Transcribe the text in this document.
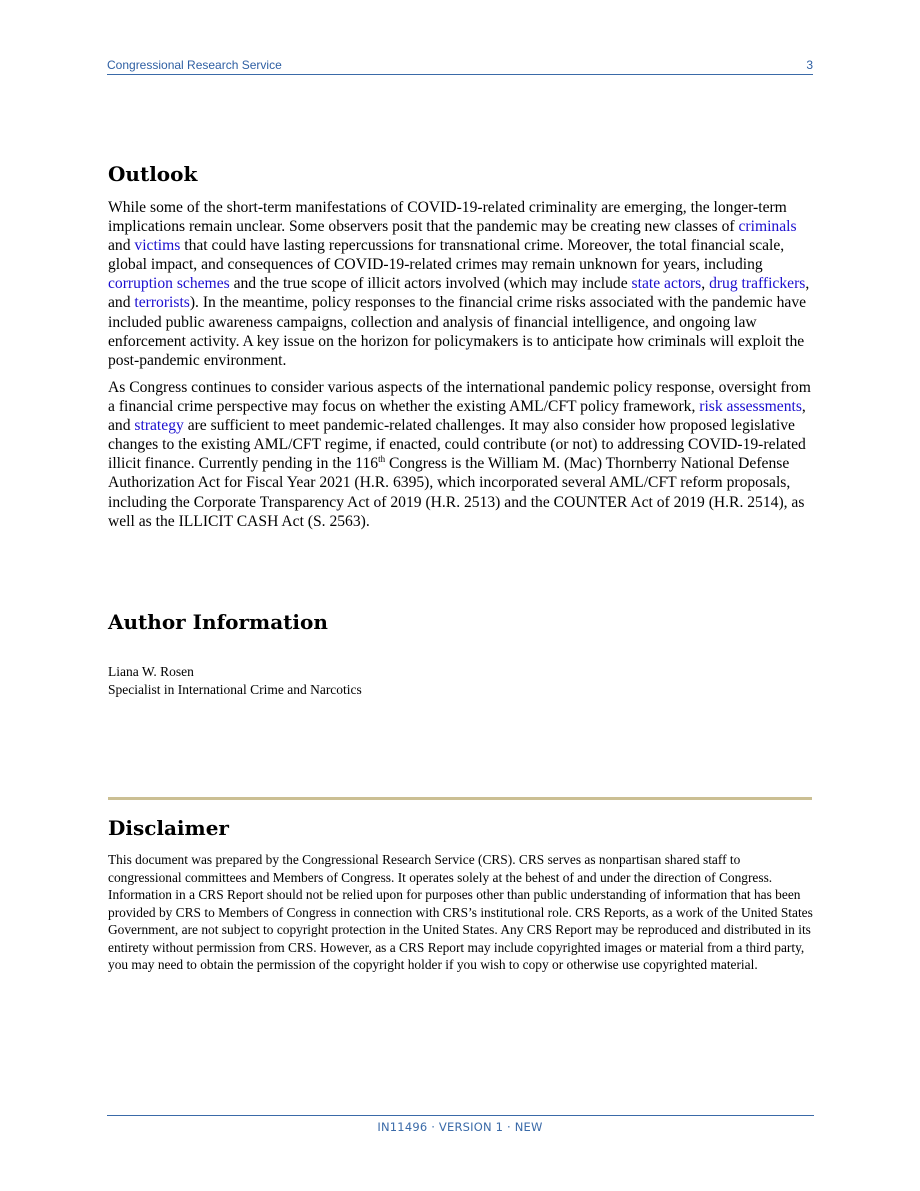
Congressional Research Service	3
Outlook

While some of the short-term manifestations of COVID-19-related criminality are emerging, the longer-term implications remain unclear. Some observers posit that the pandemic may be creating new classes of criminals and victims that could have lasting repercussions for transnational crime. Moreover, the total financial scale, global impact, and consequences of COVID-19-related crimes may remain unknown for years, including corruption schemes and the true scope of illicit actors involved (which may include state actors, drug traffickers, and terrorists). In the meantime, policy responses to the financial crime risks associated with the pandemic have included public awareness campaigns, collection and analysis of financial intelligence, and ongoing law enforcement activity. A key issue on the horizon for policymakers is to anticipate how criminals will exploit the post-pandemic environment.

As Congress continues to consider various aspects of the international pandemic policy response, oversight from a financial crime perspective may focus on whether the existing AML/CFT policy framework, risk assessments, and strategy are sufficient to meet pandemic-related challenges. It may also consider how proposed legislative changes to the existing AML/CFT regime, if enacted, could contribute (or not) to addressing COVID-19-related illicit finance. Currently pending in the 116th Congress is the William M. (Mac) Thornberry National Defense Authorization Act for Fiscal Year 2021 (H.R. 6395), which incorporated several AML/CFT reform proposals, including the Corporate Transparency Act of 2019 (H.R. 2513) and the COUNTER Act of 2019 (H.R. 2514), as well as the ILLICIT CASH Act (S. 2563).

Author Information
Liana W. Rosen
Specialist in International Crime and Narcotics
Disclaimer

This document was prepared by the Congressional Research Service (CRS). CRS serves as nonpartisan shared staff to congressional committees and Members of Congress. It operates solely at the behest of and under the direction of Congress. Information in a CRS Report should not be relied upon for purposes other than public understanding of information that has been provided by CRS to Members of Congress in connection with CRS’s institutional role. CRS Reports, as a work of the United States Government, are not subject to copyright protection in the United States. Any CRS Report may be reproduced and distributed in its entirety without permission from CRS. However, as a CRS Report may include copyrighted images or material from a third party, you may need to obtain the permission of the copyright holder if you wish to copy or otherwise use copyrighted material.

IN11496 · VERSION 1 · NEW
